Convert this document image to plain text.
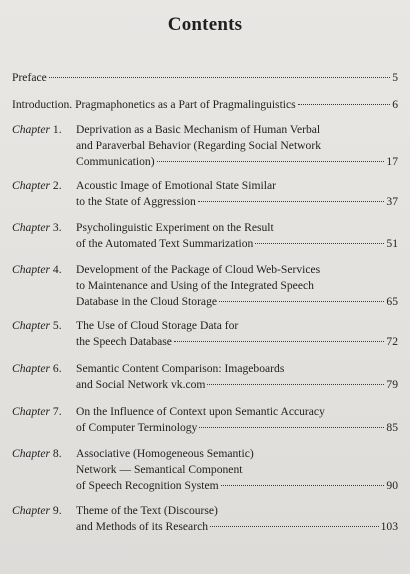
Contents
Preface	5
Introduction. Pragmaphonetics as a Part of Pragmalinguistics	6
Chapter 1. Deprivation as a Basic Mechanism of Human Verbal
and Paraverbal Behavior (Regarding Social Network
Communication)	17
Chapter 2. Acoustic Image of Emotional State Similar
to the State of Aggression	37
Chapter 3. Psycholinguistic Experiment on the Result
of the Automated Text Summarization	51
Chapter 4. Development of the Package of Cloud Web-Services
to Maintenance and Using of the Integrated Speech
Database in the Cloud Storage	65
Chapter 5. The Use of Cloud Storage Data for
the Speech Database	72
Chapter 6. Semantic Content Comparison: Imageboards
and Social Network vk.com	79
Chapter 7. On the Influence of Context upon Semantic Accuracy
of Computer Terminology	85
Chapter 8. Associative (Homogeneous Semantic)
Network — Semantical Component
of Speech Recognition System	90
Chapter 9. Theme of the Text (Discourse)
and Methods of its Research	103
